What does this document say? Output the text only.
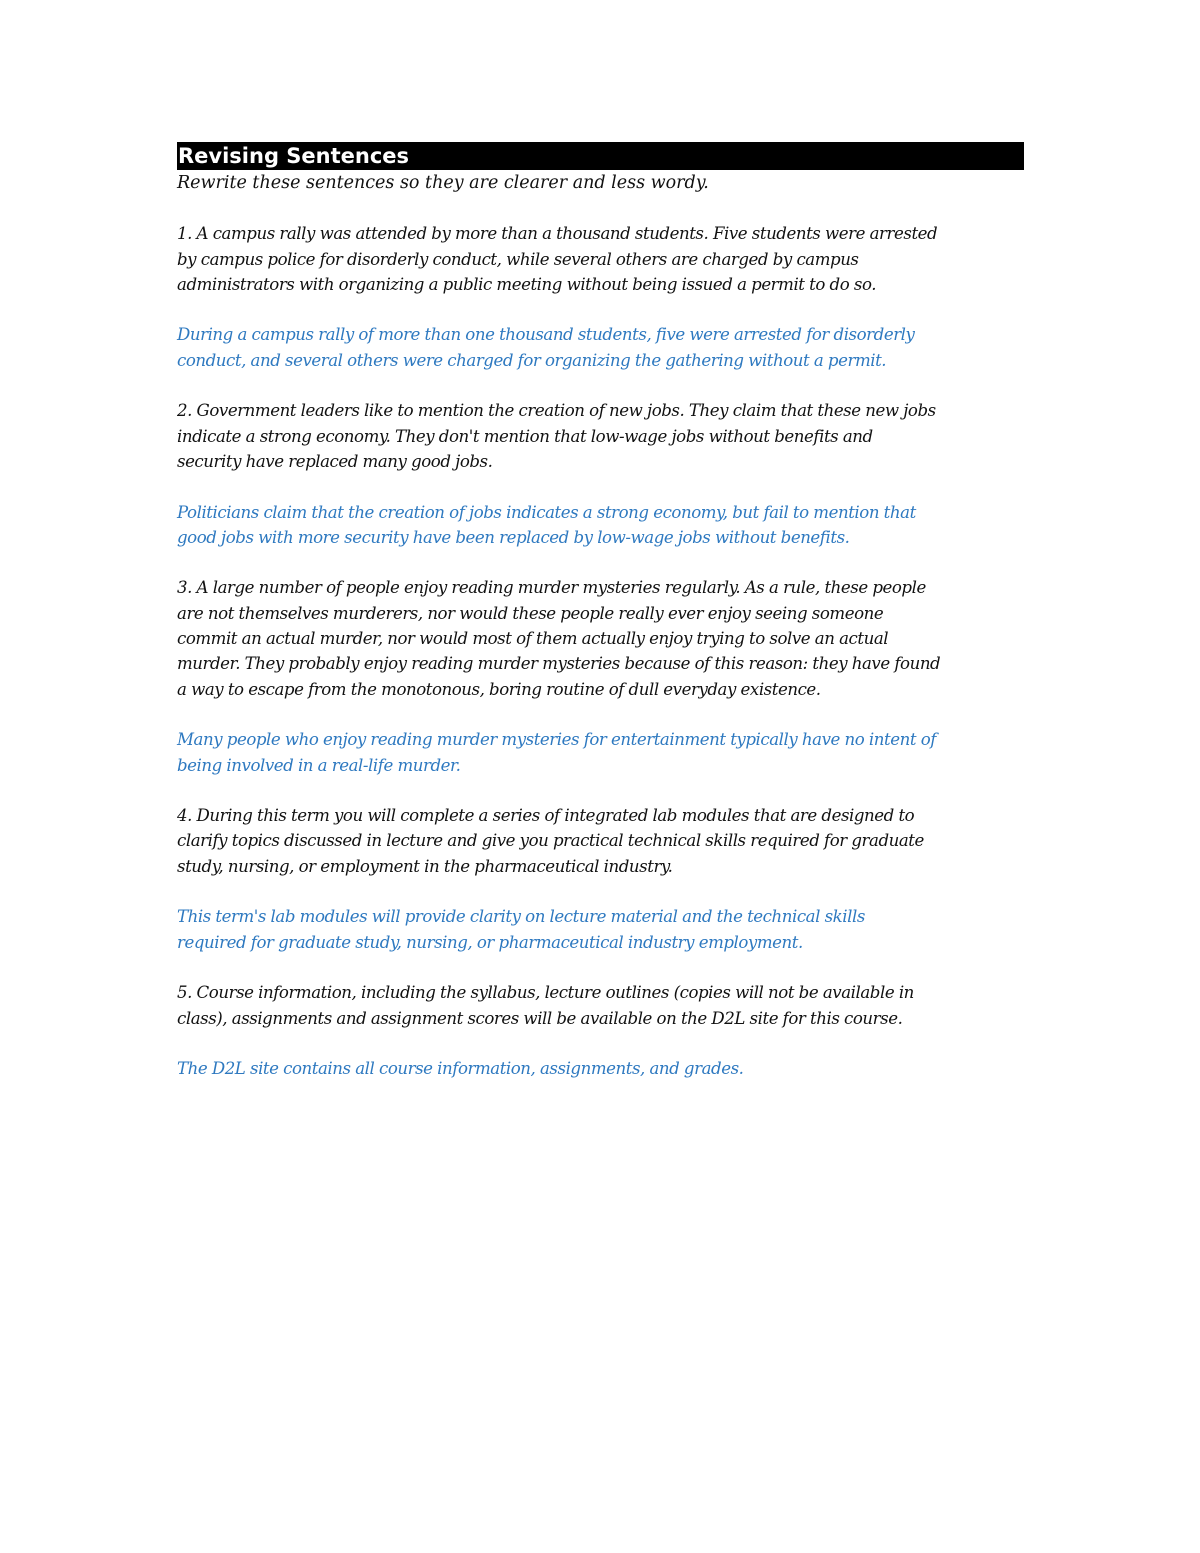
Revising Sentences
Rewrite these sentences so they are clearer and less wordy.

1. A campus rally was attended by more than a thousand students. Five students were arrested
by campus police for disorderly conduct, while several others are charged by campus
administrators with organizing a public meeting without being issued a permit to do so.

During a campus rally of more than one thousand students, five were arrested for disorderly
conduct, and several others were charged for organizing the gathering without a permit.

2. Government leaders like to mention the creation of new jobs. They claim that these new jobs
indicate a strong economy. They don't mention that low-wage jobs without benefits and
security have replaced many good jobs.

Politicians claim that the creation of jobs indicates a strong economy, but fail to mention that
good jobs with more security have been replaced by low-wage jobs without benefits.

3. A large number of people enjoy reading murder mysteries regularly. As a rule, these people
are not themselves murderers, nor would these people really ever enjoy seeing someone
commit an actual murder, nor would most of them actually enjoy trying to solve an actual
murder. They probably enjoy reading murder mysteries because of this reason: they have found
a way to escape from the monotonous, boring routine of dull everyday existence.

Many people who enjoy reading murder mysteries for entertainment typically have no intent of
being involved in a real-life murder.

4. During this term you will complete a series of integrated lab modules that are designed to
clarify topics discussed in lecture and give you practical technical skills required for graduate
study, nursing, or employment in the pharmaceutical industry.

This term's lab modules will provide clarity on lecture material and the technical skills
required for graduate study, nursing, or pharmaceutical industry employment.

5. Course information, including the syllabus, lecture outlines (copies will not be available in
class), assignments and assignment scores will be available on the D2L site for this course.

The D2L site contains all course information, assignments, and grades.
